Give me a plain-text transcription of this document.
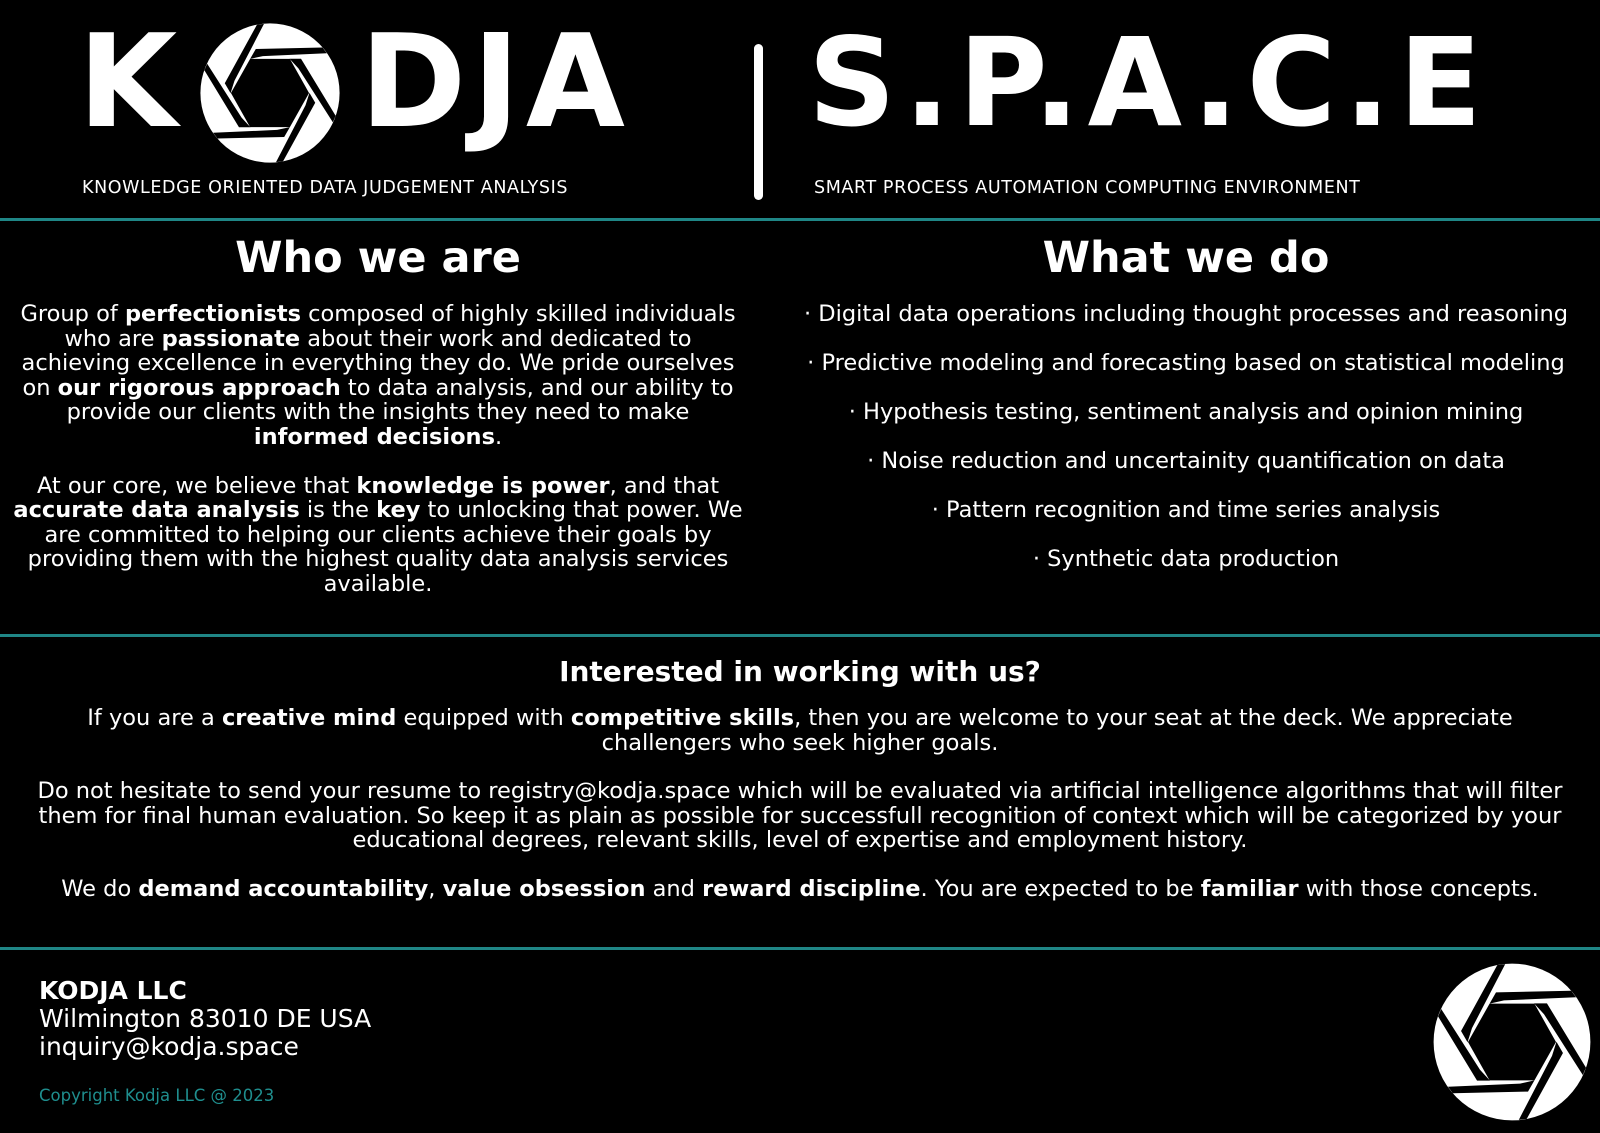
K DJA S.P.A.C.E
KNOWLEDGE ORIENTED DATA JUDGEMENT ANALYSIS	SMART PROCESS AUTOMATION COMPUTING ENVIRONMENT
Who we are

Group of perfectionists composed of highly skilled individuals who are passionate about their work and dedicated to achieving excellence in everything they do. We pride ourselves on our rigorous approach to data analysis, and our ability to provide our clients with the insights they need to make informed decisions.

At our core, we believe that knowledge is power, and that accurate data analysis is the key to unlocking that power. We are committed to helping our clients achieve their goals by providing them with the highest quality data analysis services available.

What we do
· Digital data operations including thought processes and reasoning
· Predictive modeling and forecasting based on statistical modeling
· Hypothesis testing, sentiment analysis and opinion mining
· Noise reduction and uncertainity quantification on data
· Pattern recognition and time series analysis
· Synthetic data production
Interested in working with us?

If you are a creative mind equipped with competitive skills, then you are welcome to your seat at the deck. We appreciate challengers who seek higher goals.

Do not hesitate to send your resume to registry@kodja.space which will be evaluated via artificial intelligence algorithms that will filter them for final human evaluation. So keep it as plain as possible for successfull recognition of context which will be categorized by your educational degrees, relevant skills, level of expertise and employment history.

We do demand accountability, value obsession and reward discipline. You are expected to be familiar with those concepts.

KODJA LLC
Wilmington 83010 DE USA
inquiry@kodja.space
Copyright Kodja LLC @ 2023
